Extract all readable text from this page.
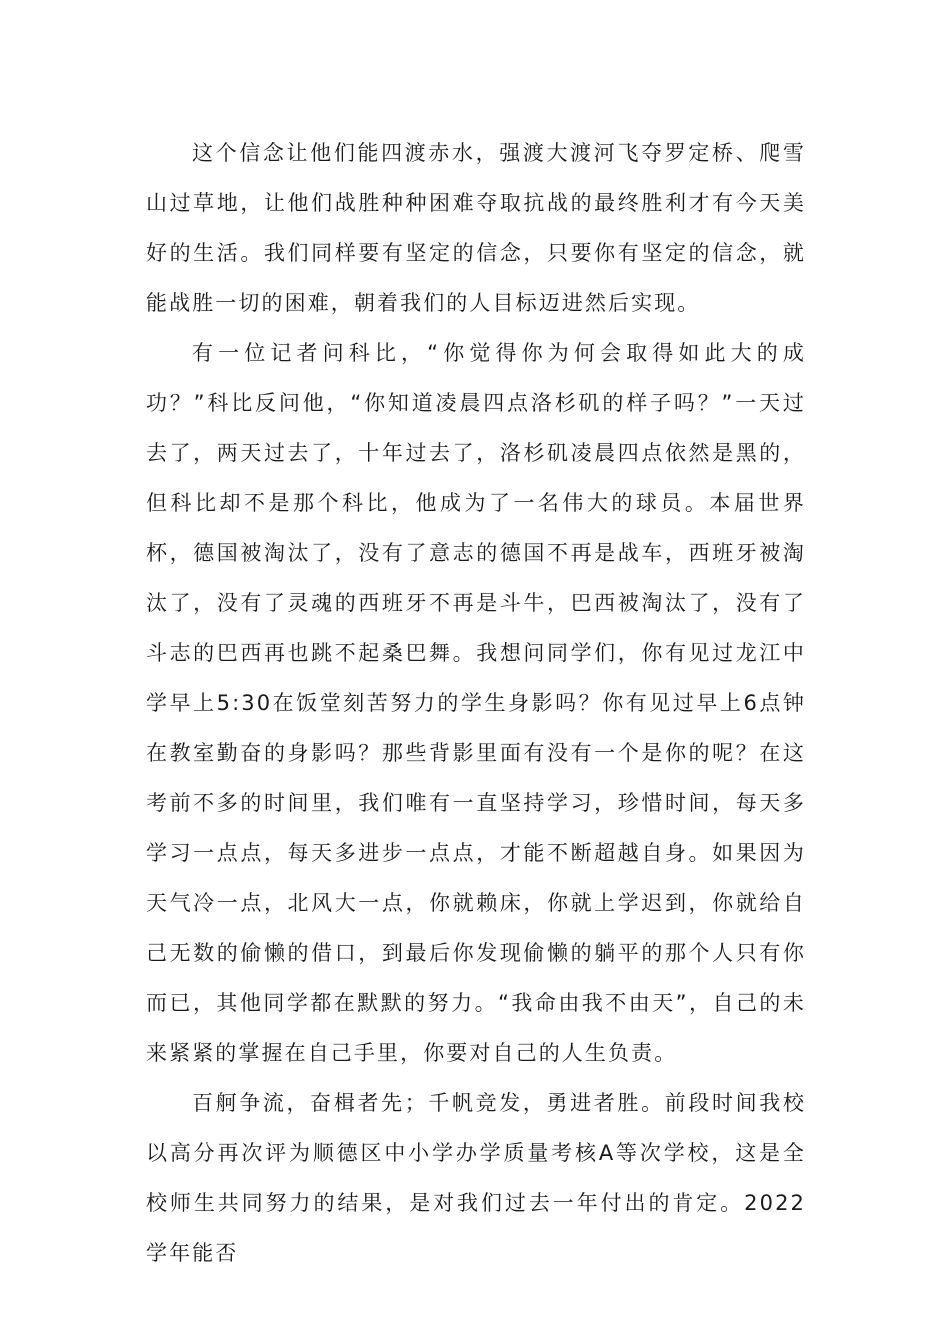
这个信念让他们能四渡赤水，强渡大渡河飞夺罗定桥、爬雪山过草地，让他们战胜种种困难夺取抗战的最终胜利才有今天美好的生活。我们同样要有坚定的信念，只要你有坚定的信念，就能战胜一切的困难，朝着我们的人目标迈进然后实现。

有一位记者问科比，“你觉得你为何会取得如此大的成功？”科比反问他，“你知道凌晨四点洛杉矶的样子吗？”一天过去了，两天过去了，十年过去了，洛杉矶凌晨四点依然是黑的，但科比却不是那个科比，他成为了一名伟大的球员。本届世界杯，德国被淘汰了，没有了意志的德国不再是战车，西班牙被淘汰了，没有了灵魂的西班牙不再是斗牛，巴西被淘汰了，没有了斗志的巴西再也跳不起桑巴舞。我想问同学们，你有见过龙江中学早上5:30在饭堂刻苦努力的学生身影吗？你有见过早上6点钟在教室勤奋的身影吗？那些背影里面有没有一个是你的呢？在这考前不多的时间里，我们唯有一直坚持学习，珍惜时间，每天多学习一点点，每天多进步一点点，才能不断超越自身。如果因为天气冷一点，北风大一点，你就赖床，你就上学迟到，你就给自己无数的偷懒的借口，到最后你发现偷懒的躺平的那个人只有你而已，其他同学都在默默的努力。“我命由我不由天”，自己的未来紧紧的掌握在自己手里，你要对自己的人生负责。

百舸争流，奋楫者先；千帆竞发，勇进者胜。前段时间我校以高分再次评为顺德区中小学办学质量考核A等次学校，这是全校师生共同努力的结果，是对我们过去一年付出的肯定。2022学年能否
